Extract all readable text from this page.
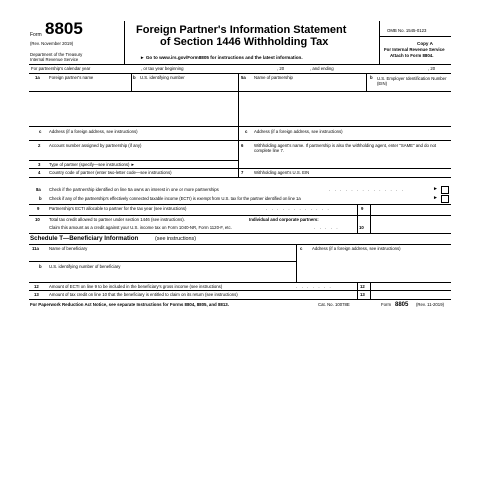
Form 8805
(Rev. November 2019)
Department of the Treasury
Internal Revenue Service
Foreign Partner's Information Statement
of Section 1446 Withholding Tax
► Go to www.irs.gov/Form8805 for instructions and the latest information.
OMB No. 1545-0123
Copy A
For Internal Revenue Service
Attach to Form 8804.
For partnership's calendar year	, or tax year beginning	, 20	, and ending	, 20
1a Foreign partner's name	b U.S. identifying number	5a Name of partnership	b U.S. Employer Identification Number (EIN)
c Address (if a foreign address, see instructions)	c Address (if a foreign address, see instructions)
2 Account number assigned by partnership (if any)	6 Withholding agent's name. If partnership is also the withholding agent, enter "SAME" and do not complete line 7.
3 Type of partner (specify—see instructions) ►
4 Country code of partner (enter two-letter code—see instructions)	7 Withholding agent's U.S. EIN
8a Check if the partnership identified on line 5a owns an interest in one or more partnerships	. . . . . . . . . . . . . .	►
b Check if any of the partnership's effectively connected taxable income (ECTI) is exempt from U.S. tax for the partner identified on line 1a	►
9 Partnership's ECTI allocable to partner for the tax year (see instructions)	. . . . . . . . . . . .	9
10 Total tax credit allowed to partner under section 1446 (see instructions).	Individual and corporate partners:
Claim this amount as a credit against your U.S. income tax on Form 1040-NR, Form 1120-F, etc.	. . . . .	10
Schedule T—Beneficiary Information	(see instructions)
11a Name of beneficiary	c Address (if a foreign address, see instructions)
b U.S. identifying number of beneficiary
12 Amount of ECTI on line 9 to be included in the beneficiary's gross income (see instructions)	. . . . . . .	12
13 Amount of tax credit on line 10 that the beneficiary is entitled to claim on its return (see instructions)	13
For Paperwork Reduction Act Notice, see separate Instructions for Forms 8804, 8805, and 8813.	Cat. No. 10078E	Form 8805 (Rev. 11-2019)
